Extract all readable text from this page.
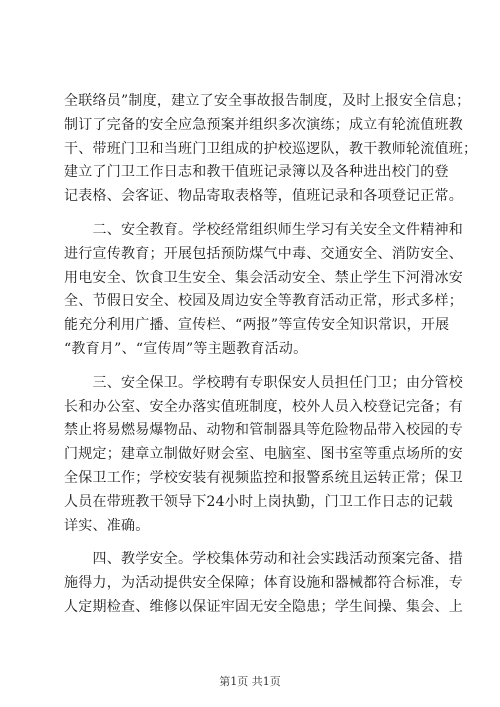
全联络员”制度，建立了安全事故报告制度，及时上报安全信息；
制订了完备的安全应急预案并组织多次演练；成立有轮流值班教
干、带班门卫和当班门卫组成的护校巡逻队，教干教师轮流值班；
建立了门卫工作日志和教干值班记录簿以及各种进出校门的登
记表格、会客证、物品寄取表格等，值班记录和各项登记正常。
　　二、安全教育。学校经常组织师生学习有关安全文件精神和
进行宣传教育；开展包括预防煤气中毒、交通安全、消防安全、
用电安全、饮食卫生安全、集会活动安全、禁止学生下河滑冰安
全、节假日安全、校园及周边安全等教育活动正常，形式多样；
能充分利用广播、宣传栏、“两报”等宣传安全知识常识，开展
“教育月”、“宣传周”等主题教育活动。
　　三、安全保卫。学校聘有专职保安人员担任门卫；由分管校
长和办公室、安全办落实值班制度，校外人员入校登记完备；有
禁止将易燃易爆物品、动物和管制器具等危险物品带入校园的专
门规定；建章立制做好财会室、电脑室、图书室等重点场所的安
全保卫工作；学校安装有视频监控和报警系统且运转正常；保卫
人员在带班教干领导下24小时上岗执勤，门卫工作日志的记载
详实、准确。
　　四、教学安全。学校集体劳动和社会实践活动预案完备、措
施得力，为活动提供安全保障；体育设施和器械都符合标准，专
人定期检查、维修以保证牢固无安全隐患；学生间操、集会、上
第1页 共1页
